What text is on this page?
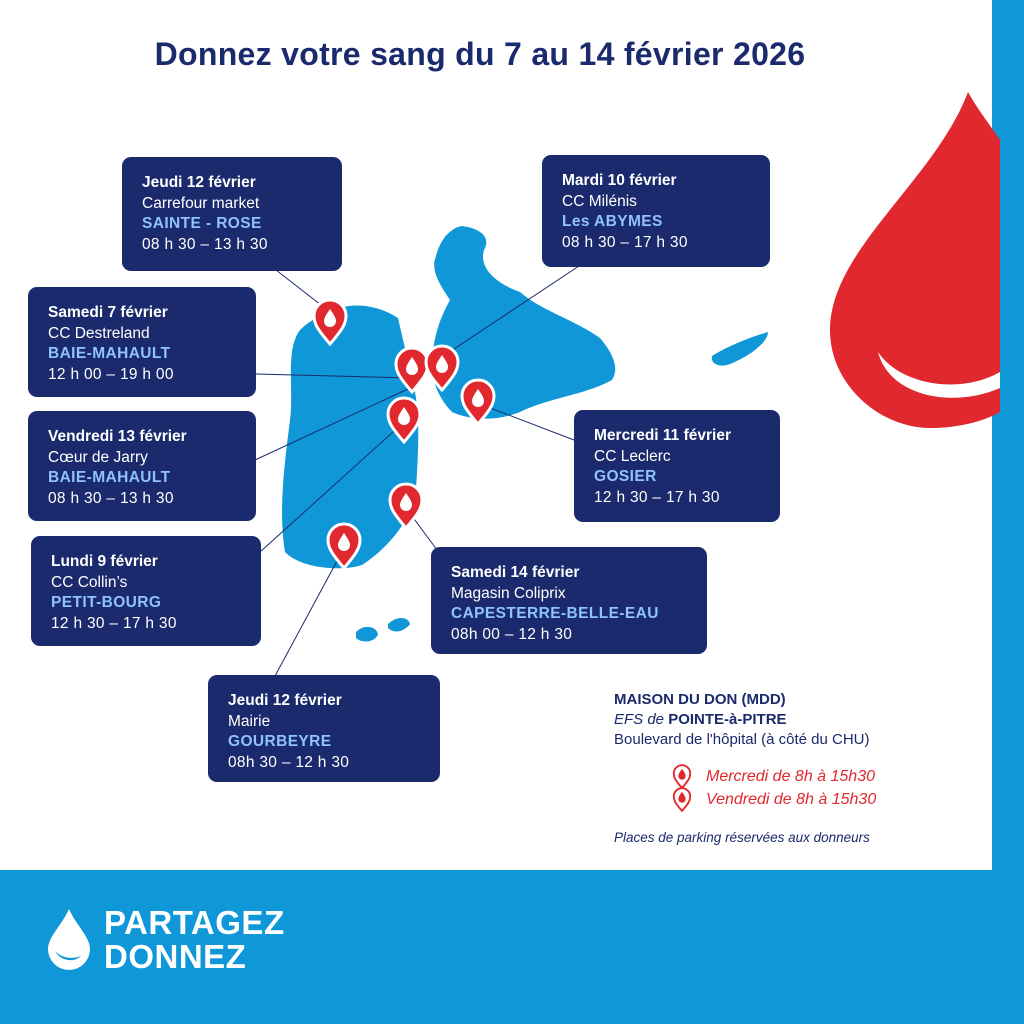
Donnez votre sang du 7 au 14 février 2026
Jeudi 12 février
Carrefour market
SAINTE - ROSE
08 h 30 – 13 h 30
Mardi 10 février
CC Milénis
Les ABYMES
08 h 30 – 17 h 30
Samedi 7 février
CC Destreland
BAIE-MAHAULT
12 h 00 – 19 h 00
Vendredi 13 février
Cœur de Jarry
BAIE-MAHAULT
08 h 30 – 13 h 30
Mercredi 11 février
CC Leclerc
GOSIER
12 h 30 – 17 h 30
Lundi 9 février
CC Collin’s
PETIT-BOURG
12 h 30 – 17 h 30
Samedi 14 février
Magasin Coliprix
CAPESTERRE-BELLE-EAU
08h 00 – 12 h 30
Jeudi 12 février
Mairie
GOURBEYRE
08h 30 – 12 h 30
MAISON DU DON (MDD)
EFS de POINTE-à-PITRE
Boulevard de l'hôpital (à côté du CHU)
Mercredi de 8h à 15h30
Vendredi de 8h à 15h30
Places de parking réservées aux donneurs
PARTAGEZ
DONNEZ
